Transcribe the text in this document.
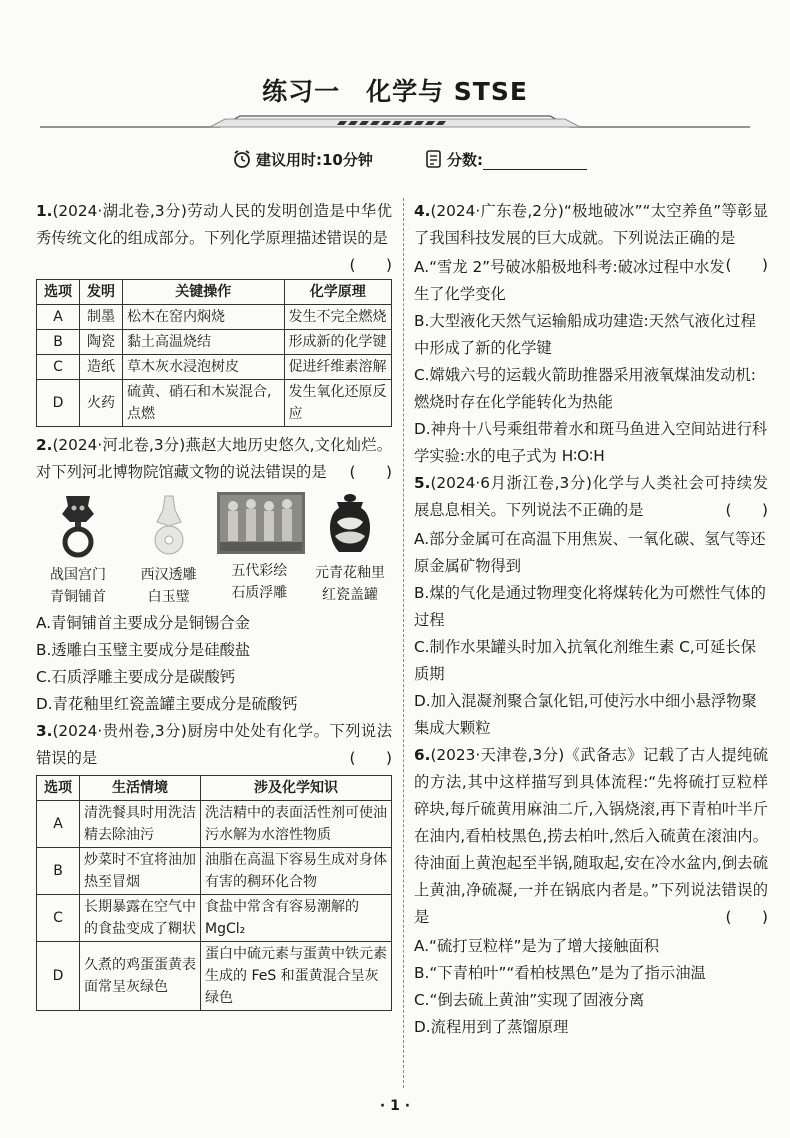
练习一　化学与 STSE
建议用时:10分钟	分数:
1.(2024·湖北卷,3分)劳动人民的发明创造是中华优秀传统文化的组成部分。下列化学原理描述错误的是
(　　)
选项	发明	关键操作	化学原理
A	制墨	松木在窑内焖烧	发生不完全燃烧
B	陶瓷	黏土高温烧结	形成新的化学键
C	造纸	草木灰水浸泡树皮	促进纤维素溶解
D	火药	硫黄、硝石和木炭混合,点燃	发生氧化还原反应
2.(2024·河北卷,3分)燕赵大地历史悠久,文化灿烂。对下列河北博物院馆藏文物的说法错误的是 (　　)
战国宫门
青铜铺首
西汉透雕
白玉璧
五代彩绘
石质浮雕
元青花釉里
红瓷盖罐
A.青铜铺首主要成分是铜锡合金
B.透雕白玉璧主要成分是硅酸盐
C.石质浮雕主要成分是碳酸钙
D.青花釉里红瓷盖罐主要成分是硫酸钙
3.(2024·贵州卷,3分)厨房中处处有化学。下列说法错误的是	(　　)
选项	生活情境	涉及化学知识
A	清洗餐具时用洗洁精去除油污	洗洁精中的表面活性剂可使油污水解为水溶性物质
B	炒菜时不宜将油加热至冒烟	油脂在高温下容易生成对身体有害的稠环化合物
C	长期暴露在空气中的食盐变成了糊状	食盐中常含有容易潮解的 MgCl₂
D	久煮的鸡蛋蛋黄表面常呈灰绿色	蛋白中硫元素与蛋黄中铁元素生成的 FeS 和蛋黄混合呈灰绿色
4.(2024·广东卷,2分)“极地破冰”“太空养鱼”等彰显了我国科技发展的巨大成就。下列说法正确的是
(　　)
A.“雪龙 2”号破冰船极地科考:破冰过程中水发生了化学变化
B.大型液化天然气运输船成功建造:天然气液化过程中形成了新的化学键
C.嫦娥六号的运载火箭助推器采用液氧煤油发动机:燃烧时存在化学能转化为热能
D.神舟十八号乘组带着水和斑马鱼进入空间站进行科学实验:水的电子式为 H∶O∶H
5.(2024·6月浙江卷,3分)化学与人类社会可持续发展息息相关。下列说法不正确的是	(　　)
A.部分金属可在高温下用焦炭、一氧化碳、氢气等还原金属矿物得到
B.煤的气化是通过物理变化将煤转化为可燃性气体的过程
C.制作水果罐头时加入抗氧化剂维生素 C,可延长保质期
D.加入混凝剂聚合氯化铝,可使污水中细小悬浮物聚集成大颗粒
6.(2023·天津卷,3分)《武备志》记载了古人提纯硫的方法,其中这样描写到具体流程:“先将硫打豆粒样碎块,每斤硫黄用麻油二斤,入锅烧滚,再下青柏叶半斤在油内,看柏枝黑色,捞去柏叶,然后入硫黄在滚油内。待油面上黄泡起至半锅,随取起,安在冷水盆内,倒去硫上黄油,净硫凝,一并在锅底内者是。”下列说法错误的是	(　　)
A.“硫打豆粒样”是为了增大接触面积
B.“下青柏叶”“看柏枝黑色”是为了指示油温
C.“倒去硫上黄油”实现了固液分离
D.流程用到了蒸馏原理
· 1 ·
